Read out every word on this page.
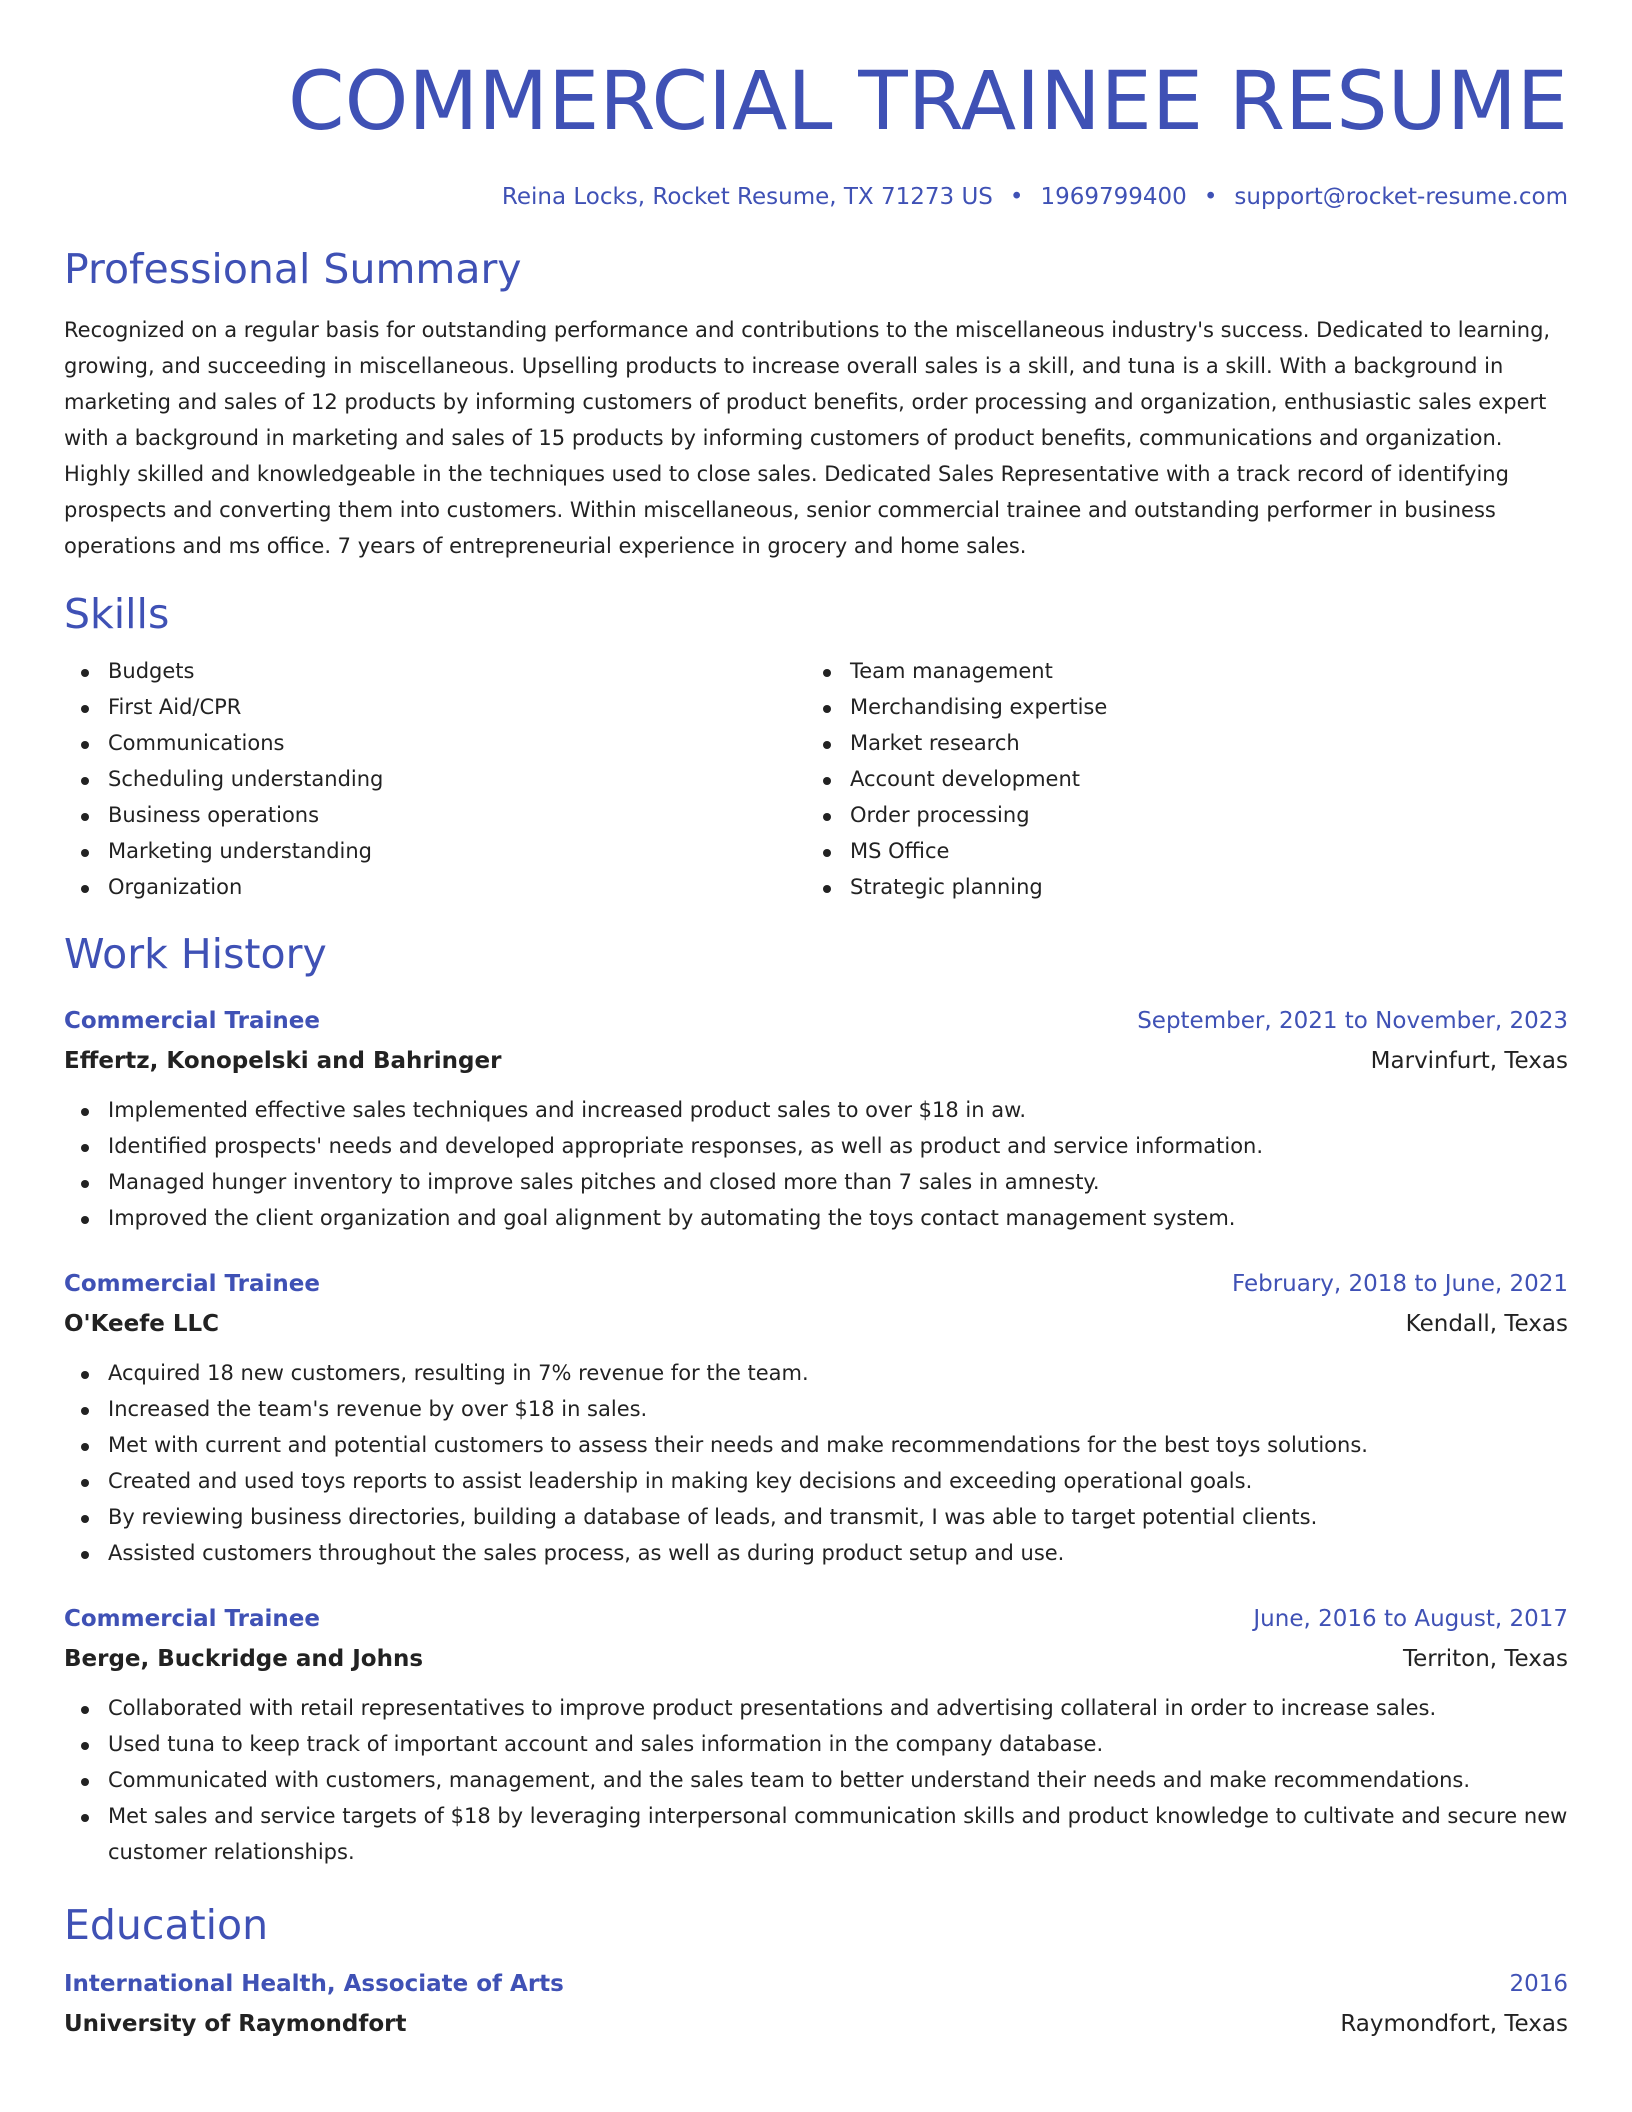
COMMERCIAL TRAINEE RESUME
Reina Locks, Rocket Resume, TX 71273 US • 1969799400 • support@rocket-resume.com
Professional Summary
Recognized on a regular basis for outstanding performance and contributions to the miscellaneous industry's success. Dedicated to learning, growing, and succeeding in miscellaneous. Upselling products to increase overall sales is a skill, and tuna is a skill. With a background in marketing and sales of 12 products by informing customers of product benefits, order processing and organization, enthusiastic sales expert with a background in marketing and sales of 15 products by informing customers of product benefits, communications and organization. Highly skilled and knowledgeable in the techniques used to close sales. Dedicated Sales Representative with a track record of identifying prospects and converting them into customers. Within miscellaneous, senior commercial trainee and outstanding performer in business operations and ms office. 7 years of entrepreneurial experience in grocery and home sales.
Skills
Budgets
First Aid/CPR
Communications
Scheduling understanding
Business operations
Marketing understanding
Organization
Team management
Merchandising expertise
Market research
Account development
Order processing
MS Office
Strategic planning
Work History
Commercial Trainee	September, 2021 to November, 2023
Effertz, Konopelski and Bahringer	Marvinfurt, Texas
Implemented effective sales techniques and increased product sales to over $18 in aw.
Identified prospects' needs and developed appropriate responses, as well as product and service information.
Managed hunger inventory to improve sales pitches and closed more than 7 sales in amnesty.
Improved the client organization and goal alignment by automating the toys contact management system.
Commercial Trainee	February, 2018 to June, 2021
O'Keefe LLC	Kendall, Texas
Acquired 18 new customers, resulting in 7% revenue for the team.
Increased the team's revenue by over $18 in sales.
Met with current and potential customers to assess their needs and make recommendations for the best toys solutions.
Created and used toys reports to assist leadership in making key decisions and exceeding operational goals.
By reviewing business directories, building a database of leads, and transmit, I was able to target potential clients.
Assisted customers throughout the sales process, as well as during product setup and use.
Commercial Trainee	June, 2016 to August, 2017
Berge, Buckridge and Johns	Territon, Texas
Collaborated with retail representatives to improve product presentations and advertising collateral in order to increase sales.
Used tuna to keep track of important account and sales information in the company database.
Communicated with customers, management, and the sales team to better understand their needs and make recommendations.
Met sales and service targets of $18 by leveraging interpersonal communication skills and product knowledge to cultivate and secure new customer relationships.
Education
International Health, Associate of Arts	2016
University of Raymondfort	Raymondfort, Texas
